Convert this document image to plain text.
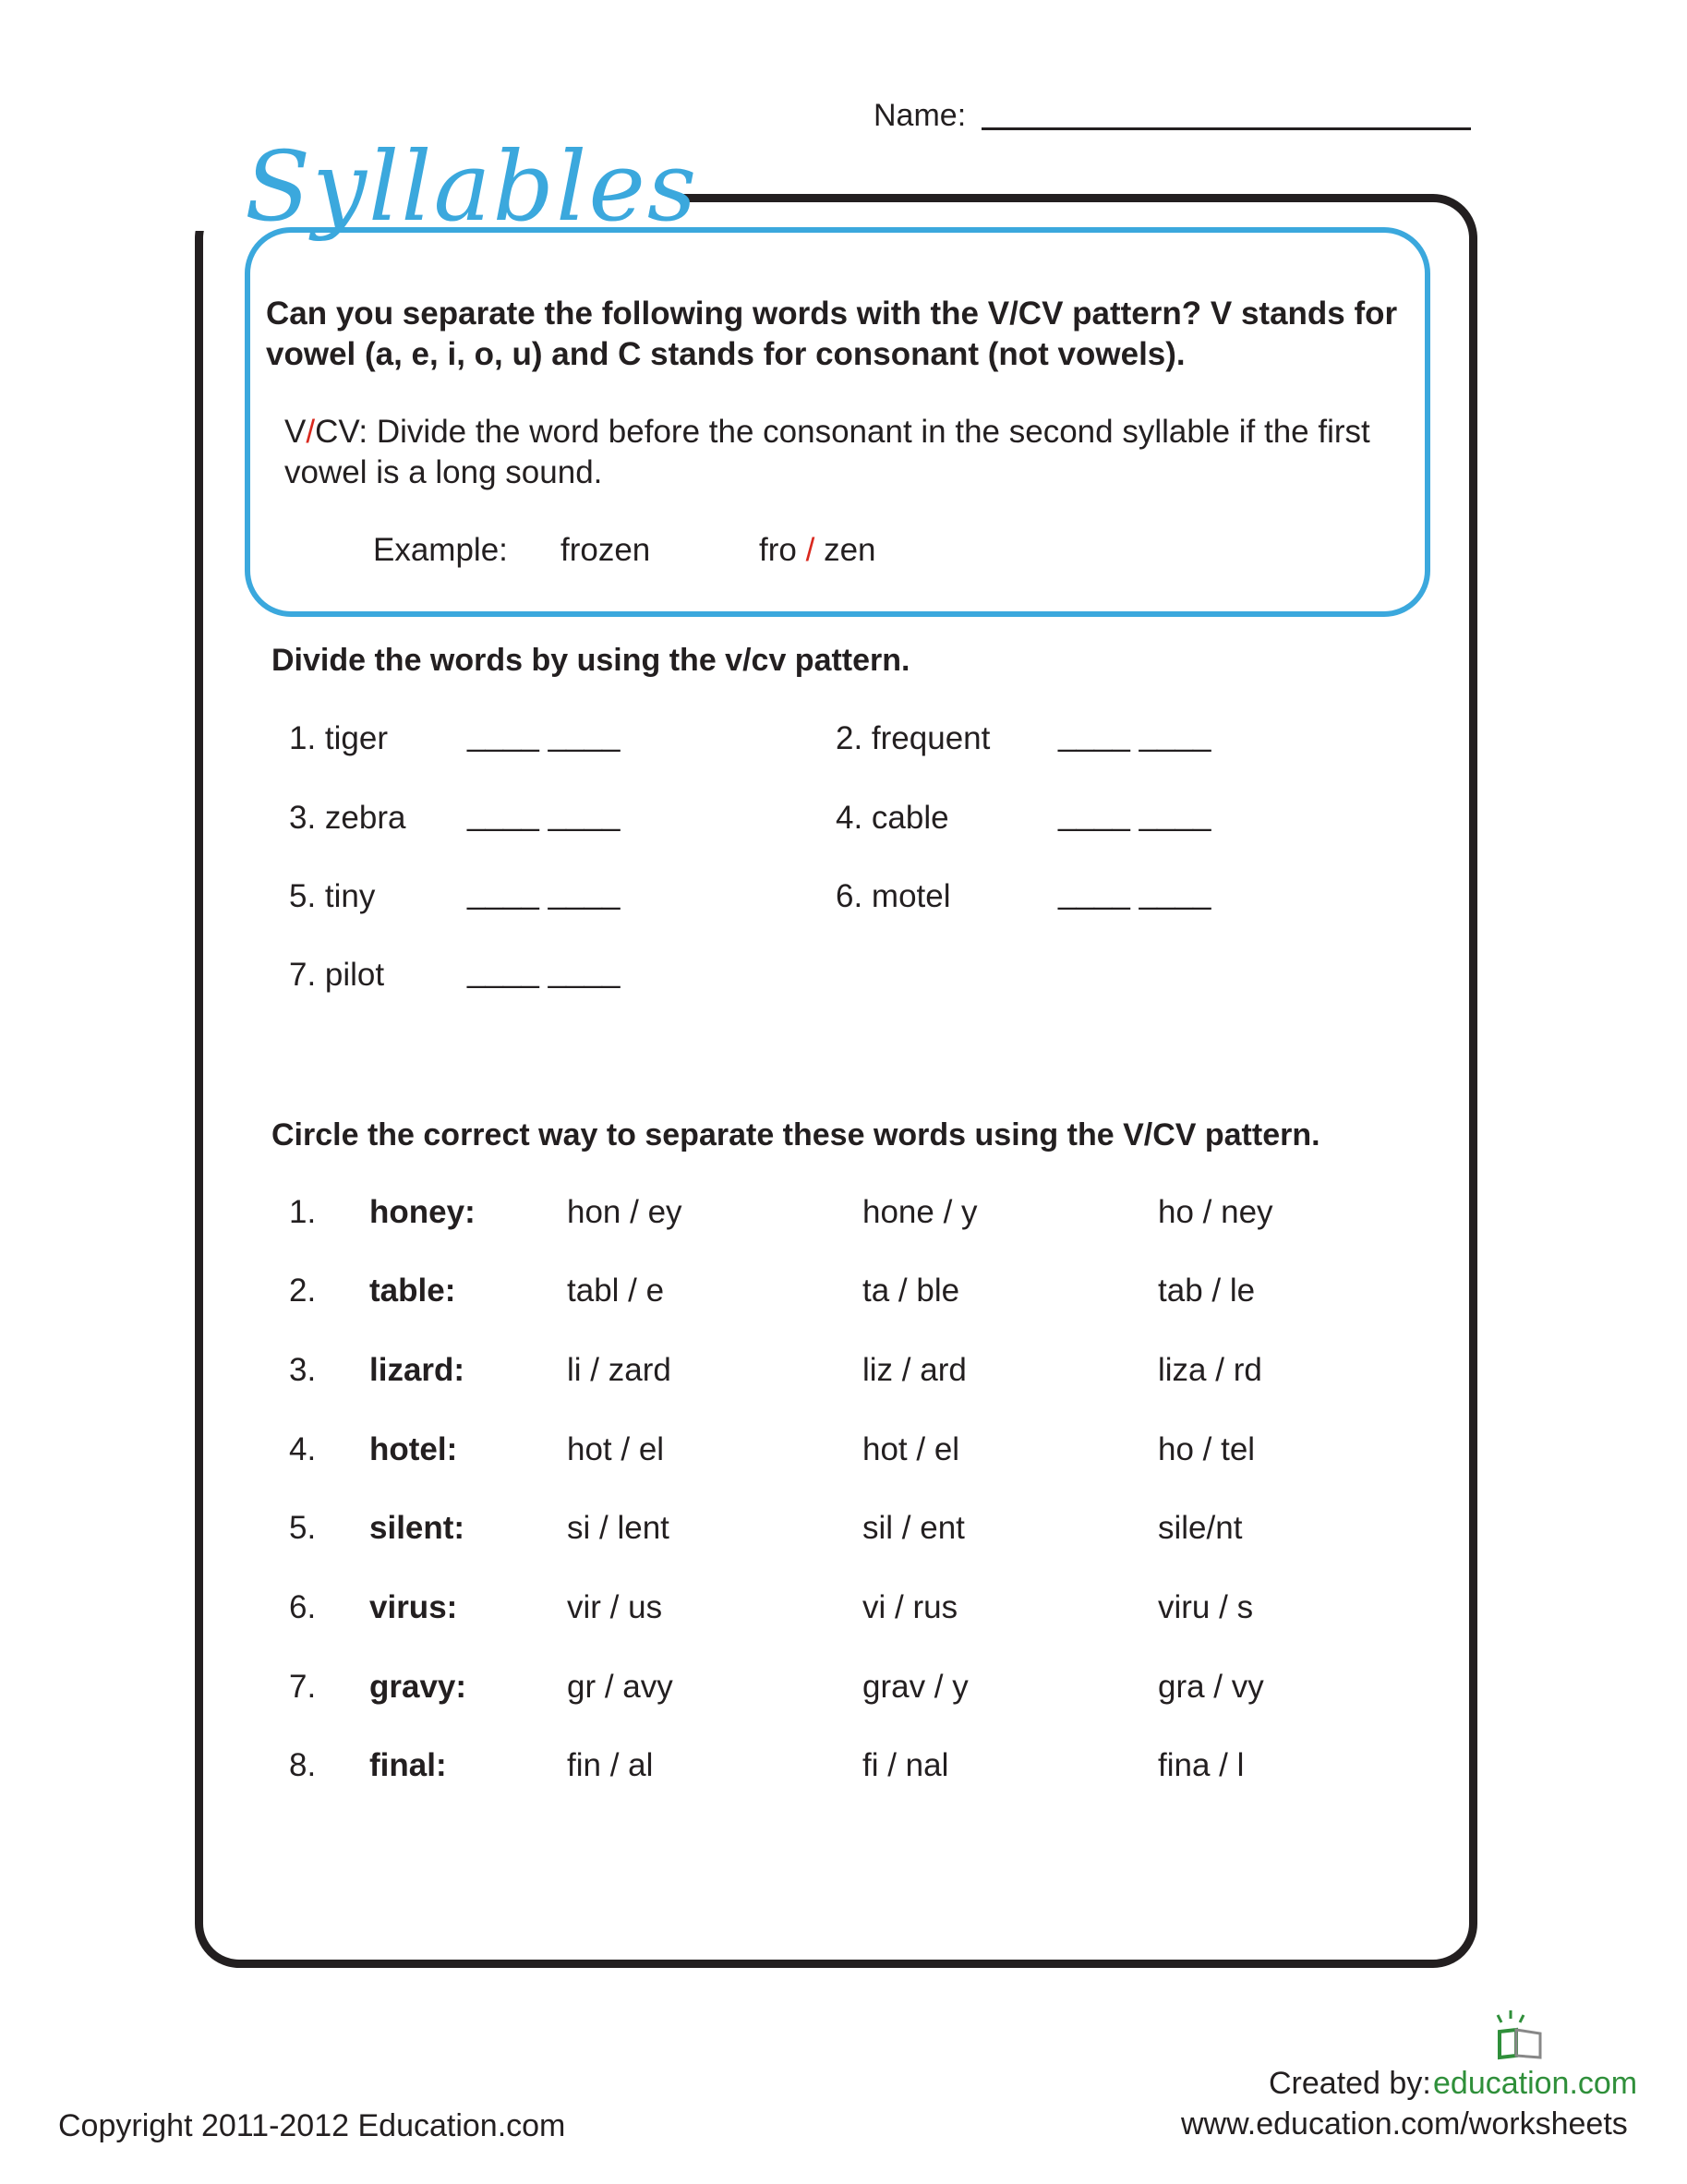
Name:
Syllables
Can you separate the following words with the V/CV pattern? V stands for vowel (a, e, i, o, u) and C stands for consonant (not vowels).
V/CV: Divide the word before the consonant in the second syllable if the first vowel is a long sound.
Example: frozen	fro / zen
Divide the words by using the v/cv pattern.
1. tiger ____ ____	2. frequent ____ ____
3. zebra ____ ____	4. cable	____ ____
5. tiny	____ ____	6. motel	____ ____
7. pilot	____ ____
Circle the correct way to separate these words using the V/CV pattern.
1. honey:	hon / ey	hone / y	ho / ney
2. table:	tabl / e	ta / ble	tab / le
3. lizard:	li / zard	liz / ard	liza / rd
4. hotel:	hot / el	hot / el	ho / tel
5. silent:	si / lent	sil / ent	sile/nt
6. virus:	vir / us	vi / rus	viru / s
7. gravy:	gr / avy	grav / y	gra / vy
8. final:	fin / al	fi / nal	fina / l
Created by: education.com
www.education.com/worksheets
Copyright 2011-2012 Education.com
